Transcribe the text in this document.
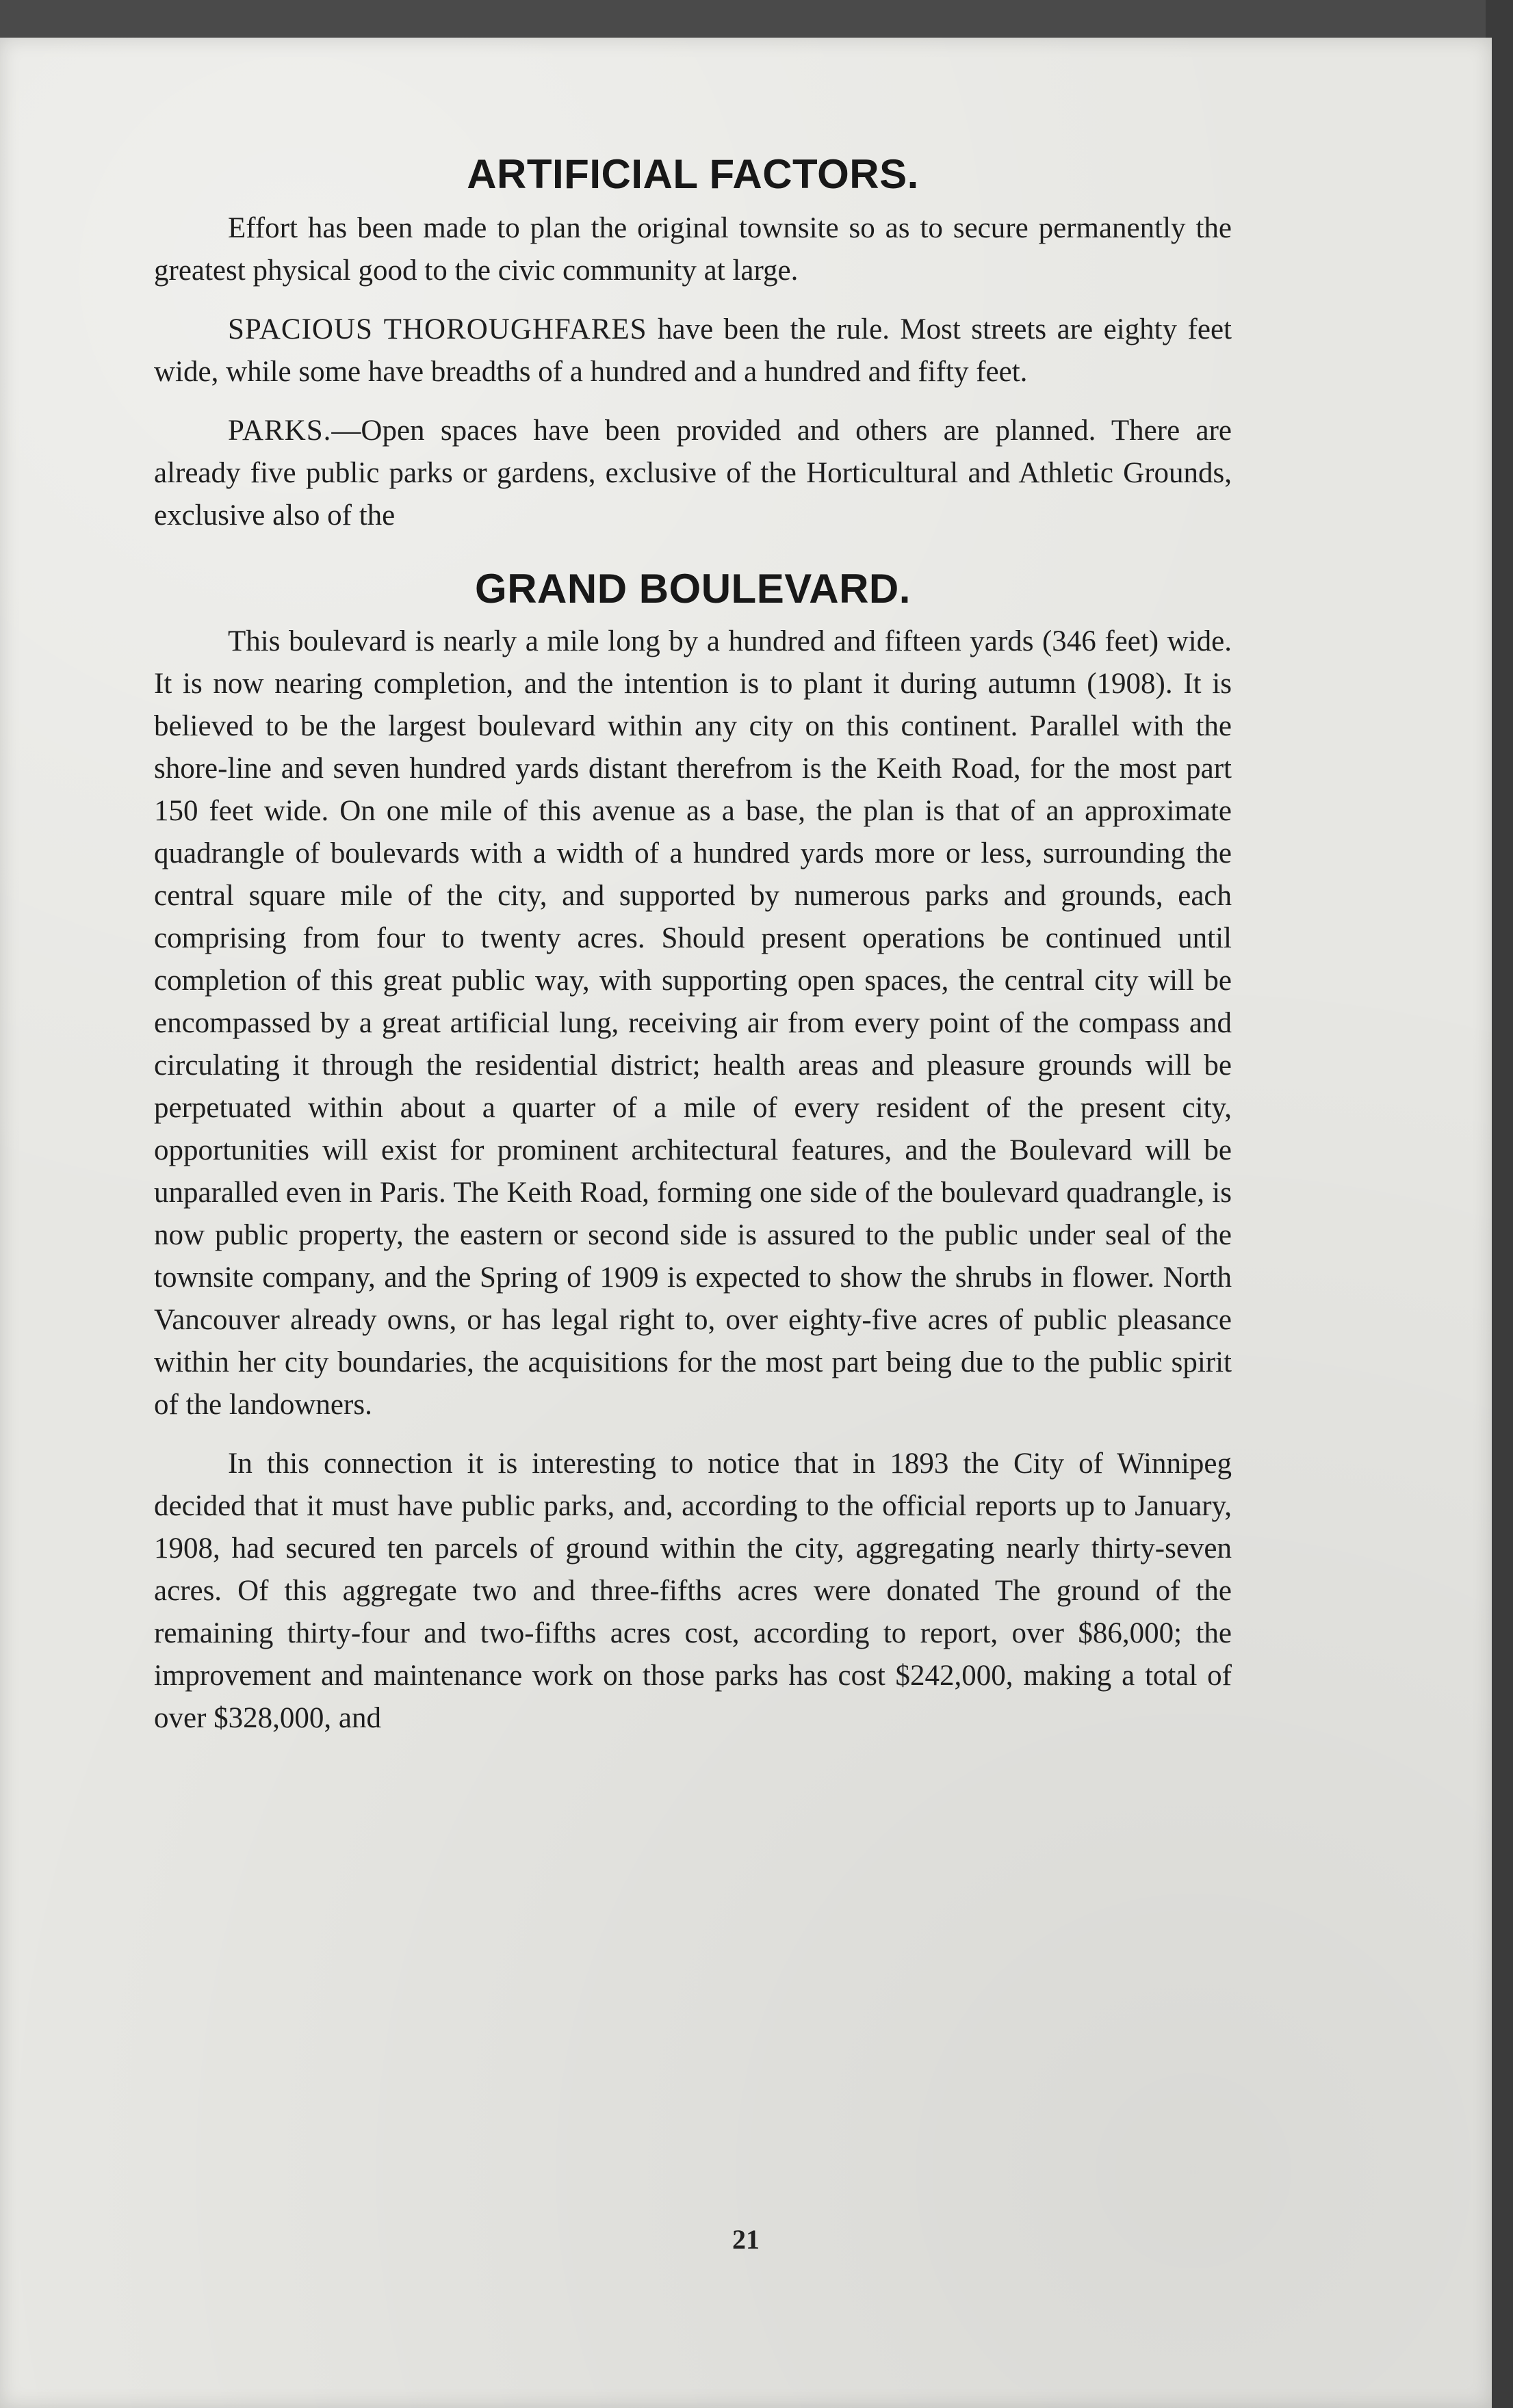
ARTIFICIAL FACTORS.

Effort has been made to plan the original townsite so as to secure permanently the greatest physical good to the civic community at large.

SPACIOUS THOROUGHFARES have been the rule. Most streets are eighty feet wide, while some have breadths of a hundred and a hundred and fifty feet.

PARKS.—Open spaces have been provided and others are planned. There are already five public parks or gardens, exclusive of the Horticultural and Athletic Grounds, exclusive also of the

GRAND BOULEVARD.

This boulevard is nearly a mile long by a hundred and fifteen yards (346 feet) wide. It is now nearing completion, and the intention is to plant it during autumn (1908). It is believed to be the largest boulevard within any city on this continent. Parallel with the shore-line and seven hundred yards distant therefrom is the Keith Road, for the most part 150 feet wide. On one mile of this avenue as a base, the plan is that of an approximate quadrangle of boulevards with a width of a hundred yards more or less, surrounding the central square mile of the city, and supported by numerous parks and grounds, each comprising from four to twenty acres. Should present operations be continued until completion of this great public way, with supporting open spaces, the central city will be encompassed by a great artificial lung, receiving air from every point of the compass and circulating it through the residential district; health areas and pleasure grounds will be perpetuated within about a quarter of a mile of every resident of the present city, opportunities will exist for prominent architectural features, and the Boulevard will be unparalled even in Paris. The Keith Road, forming one side of the boulevard quadrangle, is now public property, the eastern or second side is assured to the public under seal of the townsite company, and the Spring of 1909 is expected to show the shrubs in flower. North Vancouver already owns, or has legal right to, over eighty-five acres of public pleasance within her city boundaries, the acquisitions for the most part being due to the public spirit of the landowners.

In this connection it is interesting to notice that in 1893 the City of Winnipeg decided that it must have public parks, and, according to the official reports up to January, 1908, had secured ten parcels of ground within the city, aggregating nearly thirty-seven acres. Of this aggregate two and three-fifths acres were donated The ground of the remaining thirty-four and two-fifths acres cost, according to report, over $86,000; the improvement and maintenance work on those parks has cost $242,000, making a total of over $328,000, and

21
